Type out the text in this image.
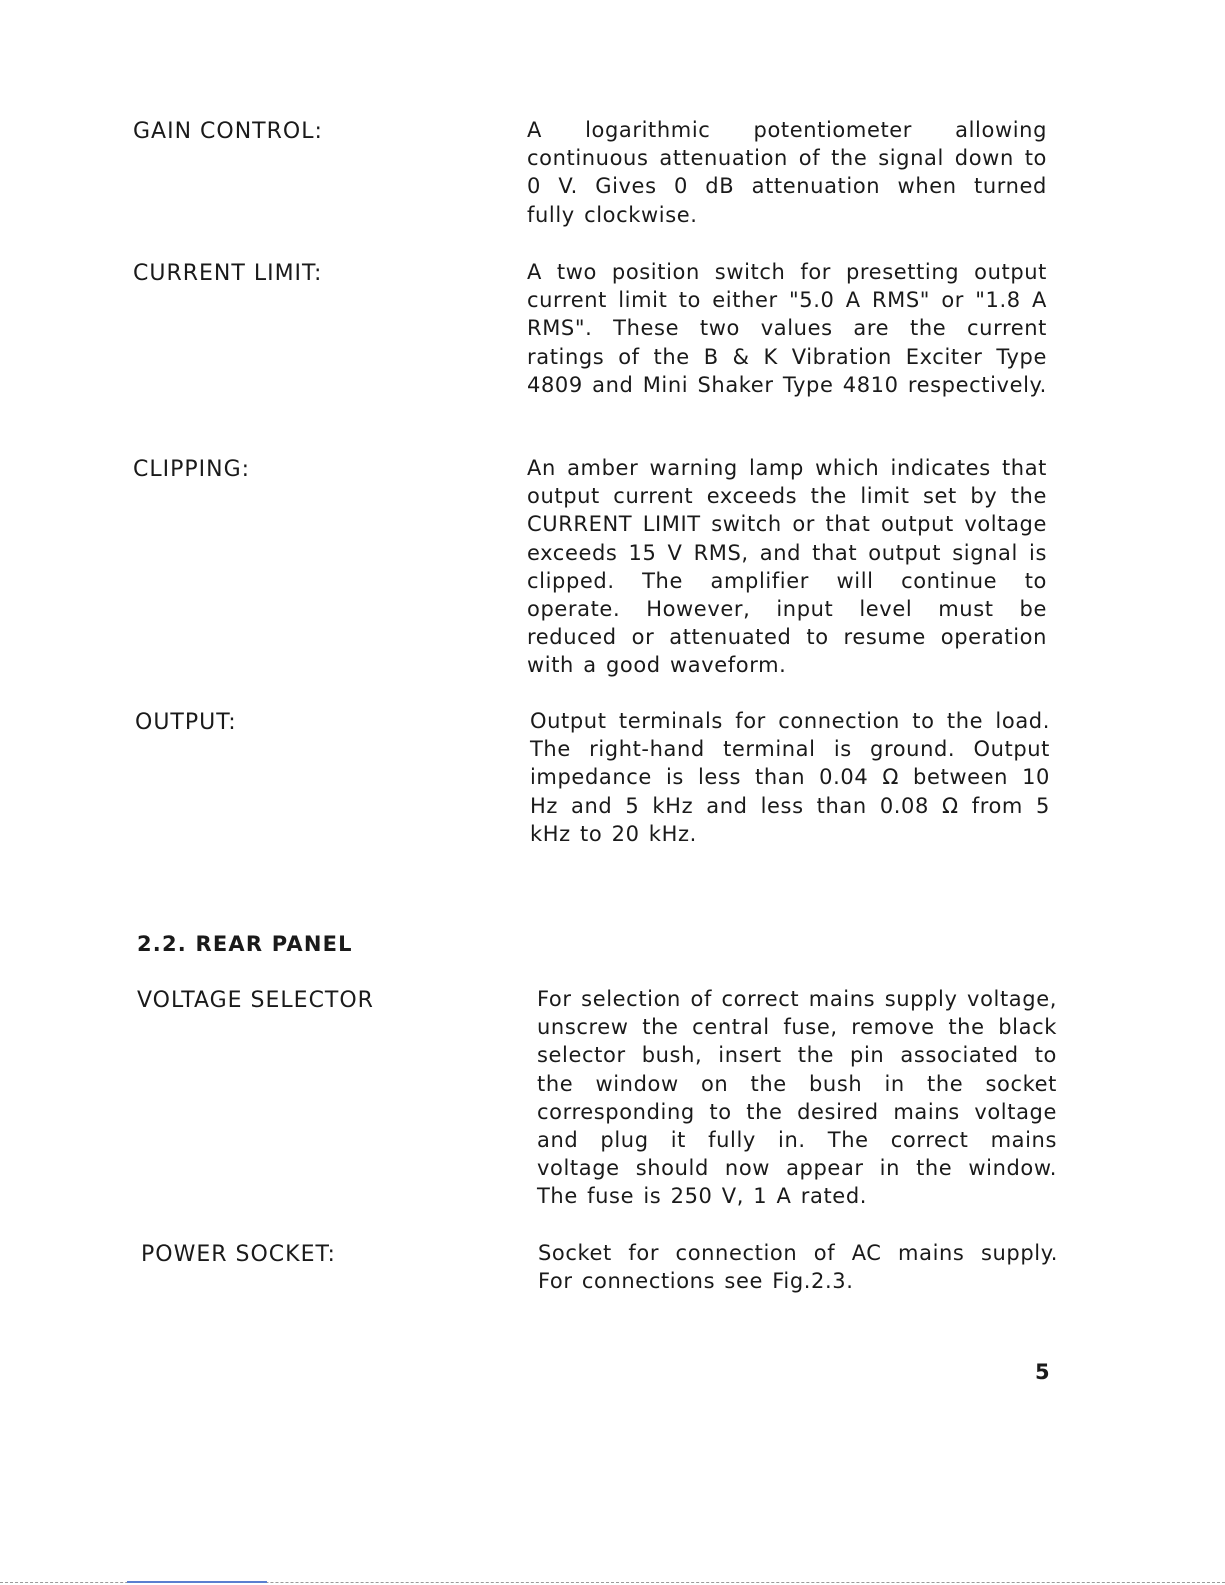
GAIN CONTROL:	A logarithmic potentiometer allowing continuous attenuation of the signal down to 0 V. Gives 0 dB attenuation when turned fully clockwise.
CURRENT LIMIT:	A two position switch for presetting output current limit to either "5.0 A RMS" or "1.8 A RMS". These two values are the current ratings of the B & K Vibration Exciter Type 4809 and Mini Shaker Type 4810 respectively.
CLIPPING:	An amber warning lamp which indicates that output current exceeds the limit set by the CURRENT LIMIT switch or that output voltage exceeds 15 V RMS, and that output signal is clipped. The amplifier will continue to operate. However, input level must be reduced or attenuated to resume operation with a good waveform.
OUTPUT:	Output terminals for connection to the load. The right-hand terminal is ground. Output impedance is less than 0.04 Ω between 10 Hz and 5 kHz and less than 0.08 Ω from 5 kHz to 20 kHz.
2.2. REAR PANEL
VOLTAGE SELECTOR	For selection of correct mains supply voltage, unscrew the central fuse, remove the black selector bush, insert the pin associated to the window on the bush in the socket corresponding to the desired mains voltage and plug it fully in. The correct mains voltage should now appear in the window. The fuse is 250 V, 1 A rated.
POWER SOCKET:	Socket for connection of AC mains supply. For connections see Fig.2.3.
5
